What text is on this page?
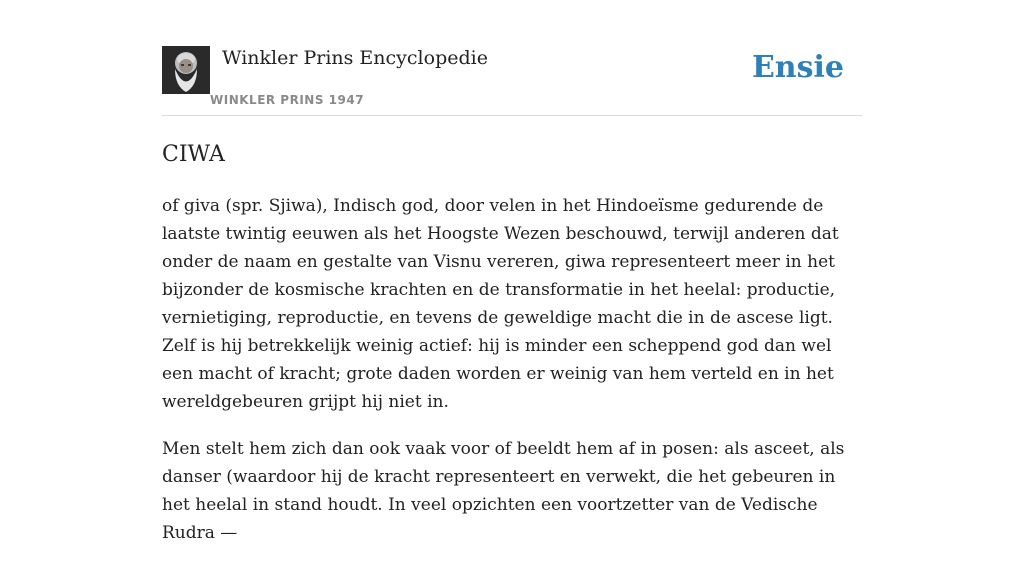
Winkler Prins Encyclopedie
WINKLER PRINS 1947
Ensie
CIWA

of giva (spr. Sjiwa), Indisch god, door velen in het Hindoeïsme gedurende de laatste twintig eeuwen als het Hoogste Wezen beschouwd, terwijl anderen dat onder de naam en gestalte van Visnu vereren, giwa representeert meer in het bijzonder de kosmische krachten en de transformatie in het heelal: productie, vernietiging, reproductie, en tevens de geweldige macht die in de ascese ligt. Zelf is hij betrekkelijk weinig actief: hij is minder een scheppend god dan wel een macht of kracht; grote daden worden er weinig van hem verteld en in het wereldgebeuren grijpt hij niet in.

Men stelt hem zich dan ook vaak voor of beeldt hem af in posen: als asceet, als danser (waardoor hij de kracht representeert en verwekt, die het gebeuren in het heelal in stand houdt. In veel opzichten een voortzetter van de Vedische Rudra —
